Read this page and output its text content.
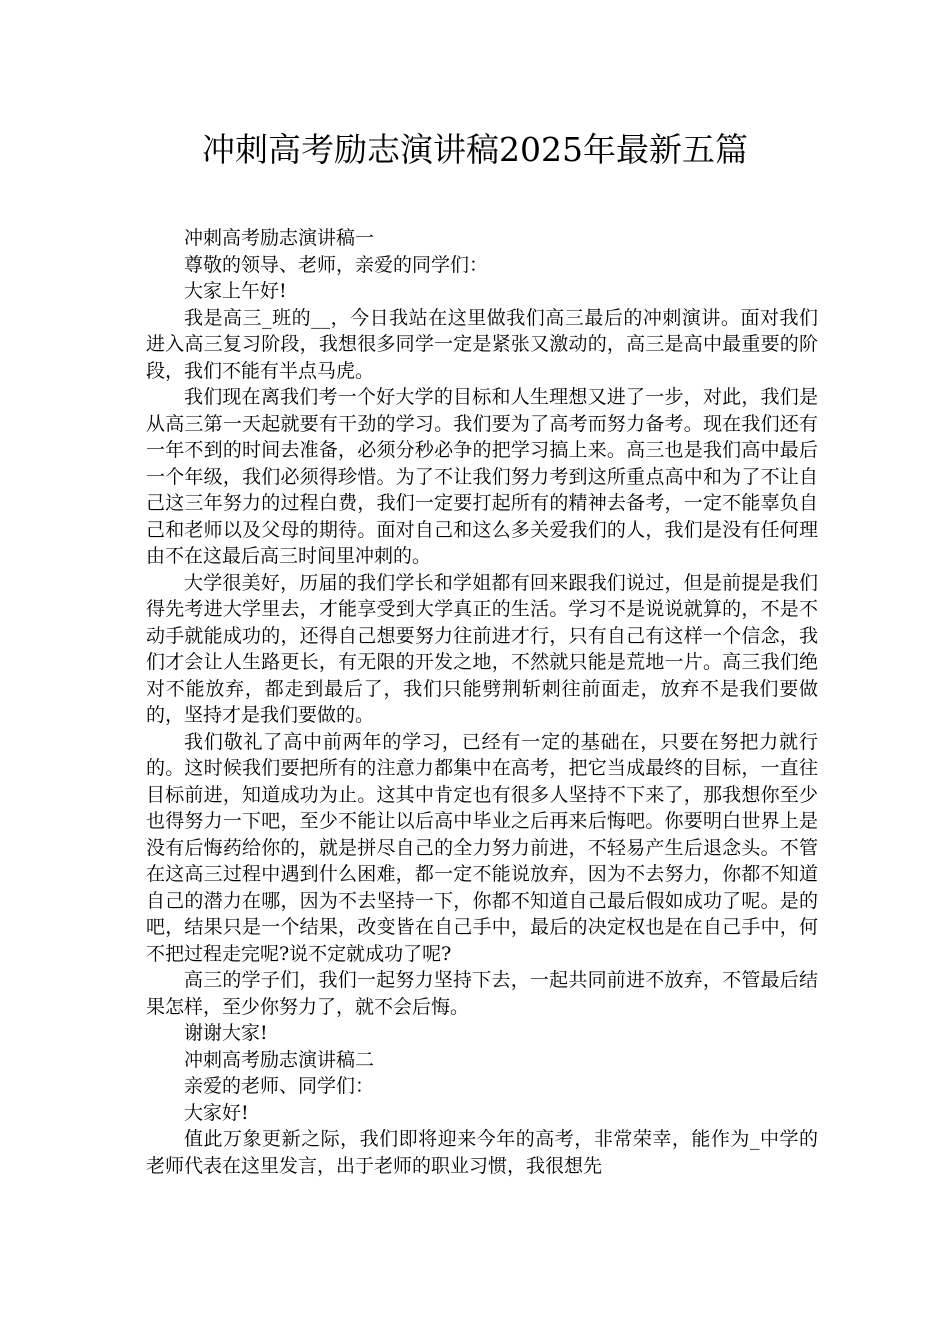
冲刺高考励志演讲稿2025年最新五篇

冲刺高考励志演讲稿一

尊敬的领导、老师，亲爱的同学们：

大家上午好!

我是高三_班的__，今日我站在这里做我们高三最后的冲刺演讲。面对我们进入高三复习阶段，我想很多同学一定是紧张又激动的，高三是高中最重要的阶段，我们不能有半点马虎。

我们现在离我们考一个好大学的目标和人生理想又进了一步，对此，我们是从高三第一天起就要有干劲的学习。我们要为了高考而努力备考。现在我们还有一年不到的时间去准备，必须分秒必争的把学习搞上来。高三也是我们高中最后一个年级，我们必须得珍惜。为了不让我们努力考到这所重点高中和为了不让自己这三年努力的过程白费，我们一定要打起所有的精神去备考，一定不能辜负自己和老师以及父母的期待。面对自己和这么多关爱我们的人，我们是没有任何理由不在这最后高三时间里冲刺的。

大学很美好，历届的我们学长和学姐都有回来跟我们说过，但是前提是我们得先考进大学里去，才能享受到大学真正的生活。学习不是说说就算的，不是不动手就能成功的，还得自己想要努力往前进才行，只有自己有这样一个信念，我们才会让人生路更长，有无限的开发之地，不然就只能是荒地一片。高三我们绝对不能放弃，都走到最后了，我们只能劈荆斩刺往前面走，放弃不是我们要做的，坚持才是我们要做的。

我们敬礼了高中前两年的学习，已经有一定的基础在，只要在努把力就行的。这时候我们要把所有的注意力都集中在高考，把它当成最终的目标，一直往目标前进，知道成功为止。这其中肯定也有很多人坚持不下来了，那我想你至少也得努力一下吧，至少不能让以后高中毕业之后再来后悔吧。你要明白世界上是没有后悔药给你的，就是拼尽自己的全力努力前进，不轻易产生后退念头。不管在这高三过程中遇到什么困难，都一定不能说放弃，因为不去努力，你都不知道自己的潜力在哪，因为不去坚持一下，你都不知道自己最后假如成功了呢。是的吧，结果只是一个结果，改变皆在自己手中，最后的决定权也是在自己手中，何不把过程走完呢?说不定就成功了呢?

高三的学子们，我们一起努力坚持下去，一起共同前进不放弃，不管最后结果怎样，至少你努力了，就不会后悔。

谢谢大家!

冲刺高考励志演讲稿二

亲爱的老师、同学们：

大家好!

值此万象更新之际，我们即将迎来今年的高考，非常荣幸，能作为_中学的老师代表在这里发言，出于老师的职业习惯，我很想先
